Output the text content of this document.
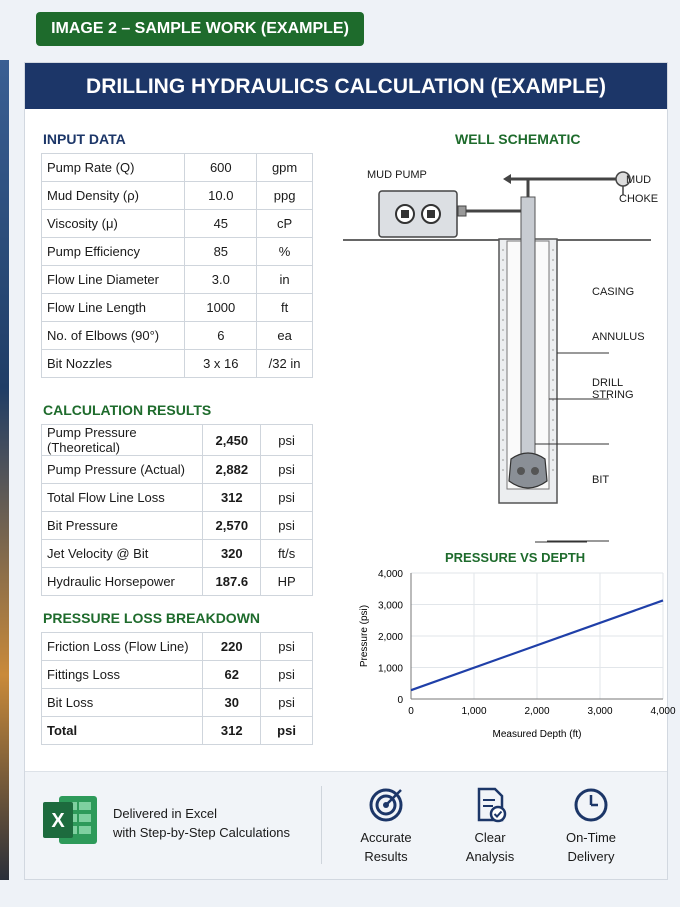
IMAGE 2 – SAMPLE WORK (EXAMPLE)
DRILLING HYDRAULICS CALCULATION (EXAMPLE)
INPUT DATA
Pump Rate (Q)	600	gpm
Mud Density (ρ)	10.0	ppg
Viscosity (μ)	45	cP
Pump Efficiency	85	%
Flow Line Diameter	3.0	in
Flow Line Length	1000	ft
No. of Elbows (90°)	6	ea
Bit Nozzles	3 x 16	/32 in
CALCULATION RESULTS
Pump Pressure (Theoretical)	2,450	psi
Pump Pressure (Actual)	2,882	psi
Total Flow Line Loss	312	psi
Bit Pressure	2,570	psi
Jet Velocity @ Bit	320	ft/s
Hydraulic Horsepower	187.6	HP
PRESSURE LOSS BREAKDOWN
Friction Loss (Flow Line)	220	psi
Fittings Loss	62	psi
Bit Loss	30	psi
Total	312	psi
WELL SCHEMATIC
MUD PUMP	MUD
CHOKE
CASING
ANNULUS
DRILL STRING
BIT
PRESSURE VS DEPTH
0
0
1,000
1,000
2,000
2,000
3,000
3,000
4,000
4,000
Measured Depth (ft)
Pressure (psi)
X	Delivered in Excel
with Step-by-Step Calculations	Accurate
Results
Clear
Analysis
On-Time
Delivery
